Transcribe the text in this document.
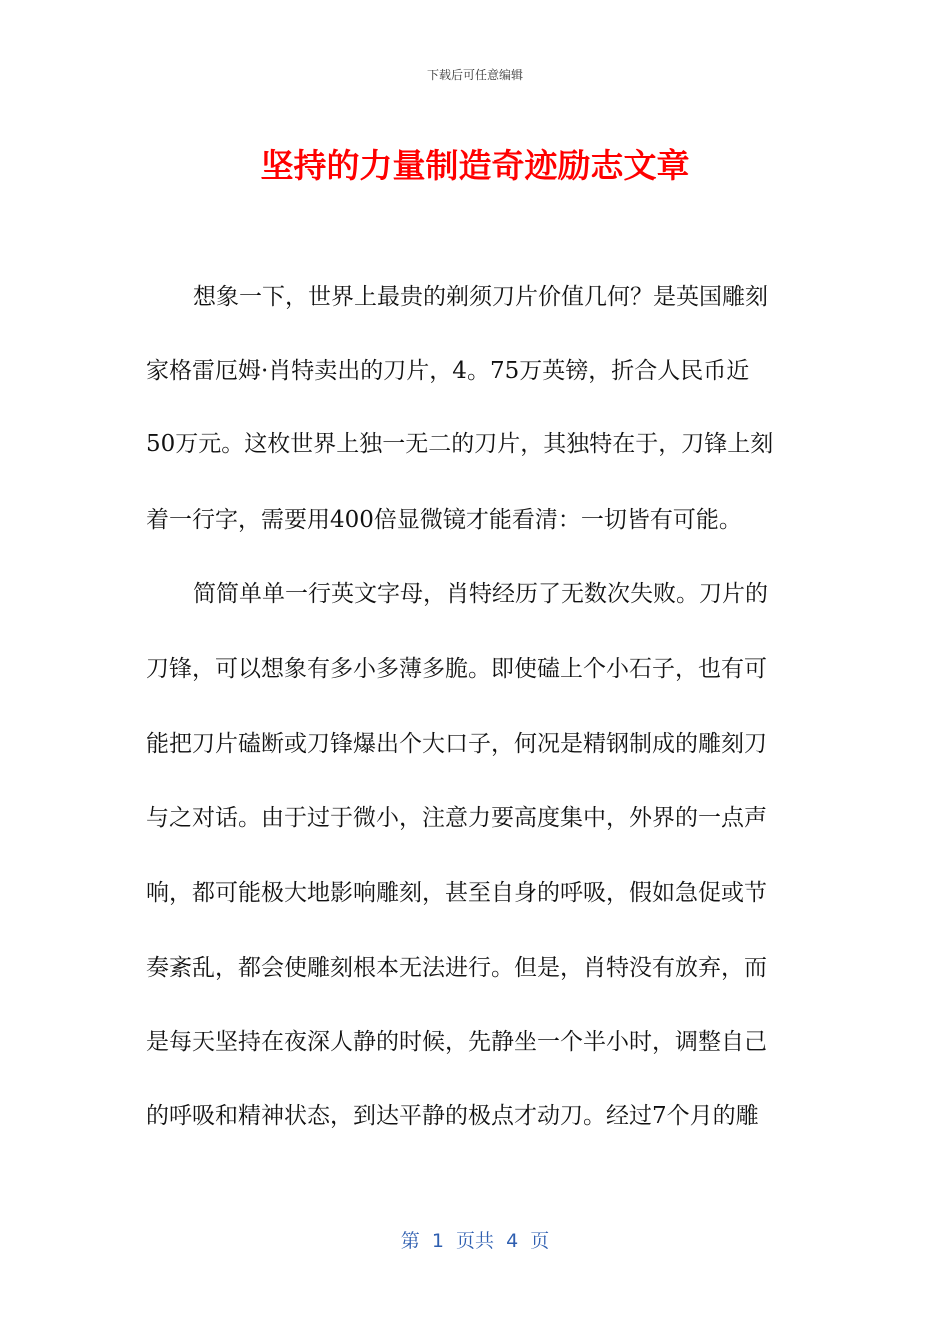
下载后可任意编辑
坚持的力量制造奇迹励志文章
想象一下，世界上最贵的剃须刀片价值几何？是英国雕刻
家格雷厄姆·肖特卖出的刀片，4。75万英镑，折合人民币近
50万元。这枚世界上独一无二的刀片，其独特在于，刀锋上刻
着一行字，需要用400倍显微镜才能看清：一切皆有可能。
简简单单一行英文字母，肖特经历了无数次失败。刀片的
刀锋，可以想象有多小多薄多脆。即使磕上个小石子，也有可
能把刀片磕断或刀锋爆出个大口子，何况是精钢制成的雕刻刀
与之对话。由于过于微小，注意力要高度集中，外界的一点声
响，都可能极大地影响雕刻，甚至自身的呼吸，假如急促或节
奏紊乱，都会使雕刻根本无法进行。但是，肖特没有放弃，而
是每天坚持在夜深人静的时候，先静坐一个半小时，调整自己
的呼吸和精神状态，到达平静的极点才动刀。经过7个月的雕
第  1  页共  4  页
